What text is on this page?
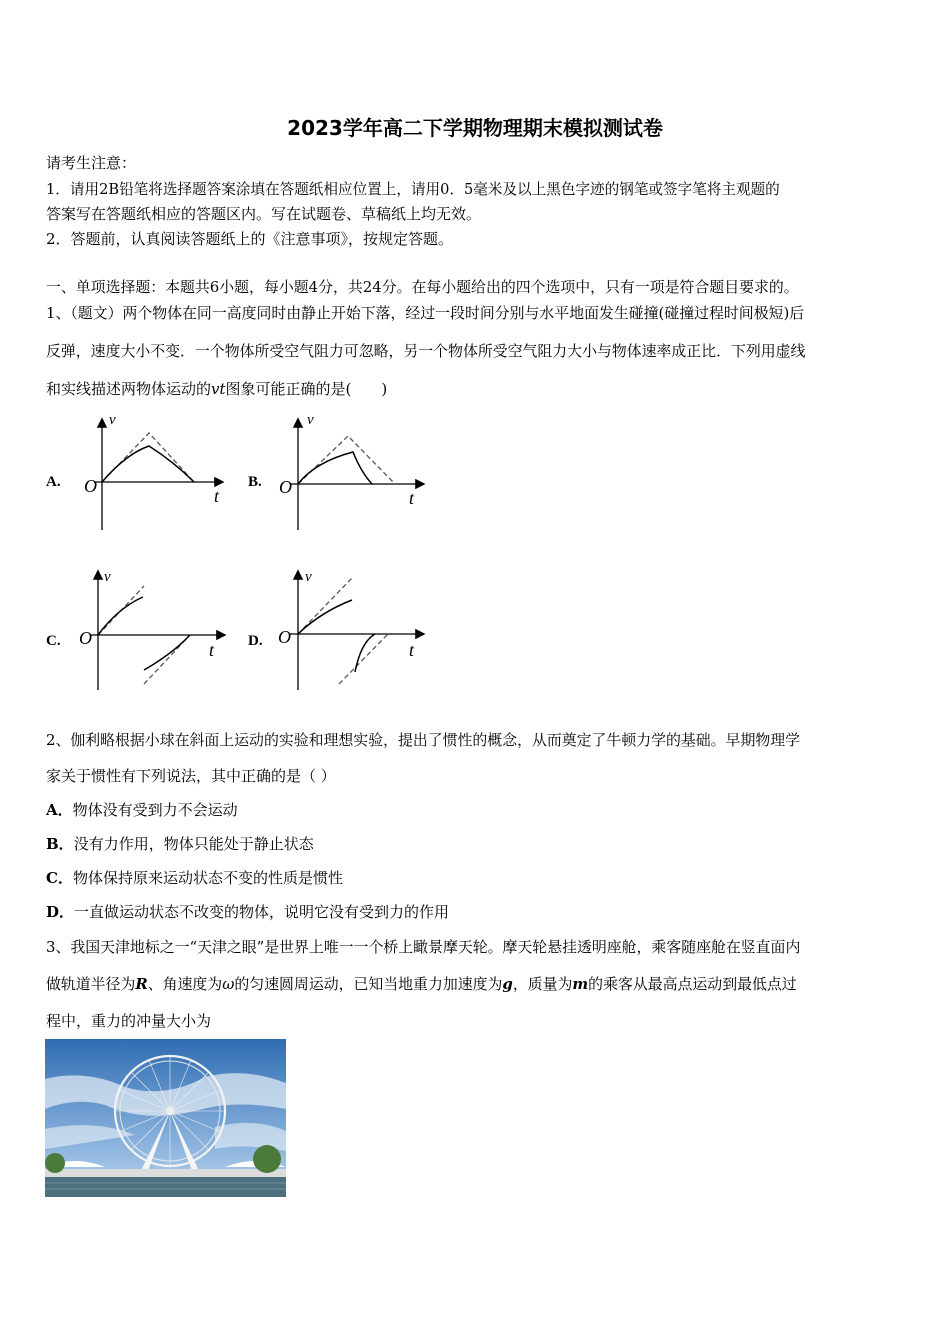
2023学年高二下学期物理期末模拟测试卷
请考生注意：
1．请用2B铅笔将选择题答案涂填在答题纸相应位置上，请用0．5毫米及以上黑色字迹的钢笔或签字笔将主观题的
答案写在答题纸相应的答题区内。写在试题卷、草稿纸上均无效。
2．答题前，认真阅读答题纸上的《注意事项》，按规定答题。
一、单项选择题：本题共6小题，每小题4分，共24分。在每小题给出的四个选项中，只有一项是符合题目要求的。
1、（题文）两个物体在同一高度同时由静止开始下落，经过一段时间分别与水平地面发生碰撞(碰撞过程时间极短)后
反弹，速度大小不变．一个物体所受空气阻力可忽略，另一个物体所受空气阻力大小与物体速率成正比．下列用虚线
和实线描述两物体运动的vt图象可能正确的是(　　)
A.	B.
C.	D.
v
O	t
v
O
t
v
O
t
v
O
t
2、伽利略根据小球在斜面上运动的实验和理想实验，提出了惯性的概念，从而奠定了牛顿力学的基础。早期物理学
家关于惯性有下列说法，其中正确的是（ ）
A．物体没有受到力不会运动
B．没有力作用，物体只能处于静止状态
C．物体保持原来运动状态不变的性质是惯性
D．一直做运动状态不改变的物体，说明它没有受到力的作用
3、我国天津地标之一“天津之眼”是世界上唯一一个桥上瞰景摩天轮。摩天轮悬挂透明座舱，乘客随座舱在竖直面内
做轨道半径为R、角速度为ω的匀速圆周运动，已知当地重力加速度为g，质量为m的乘客从最高点运动到最低点过
程中，重力的冲量大小为
